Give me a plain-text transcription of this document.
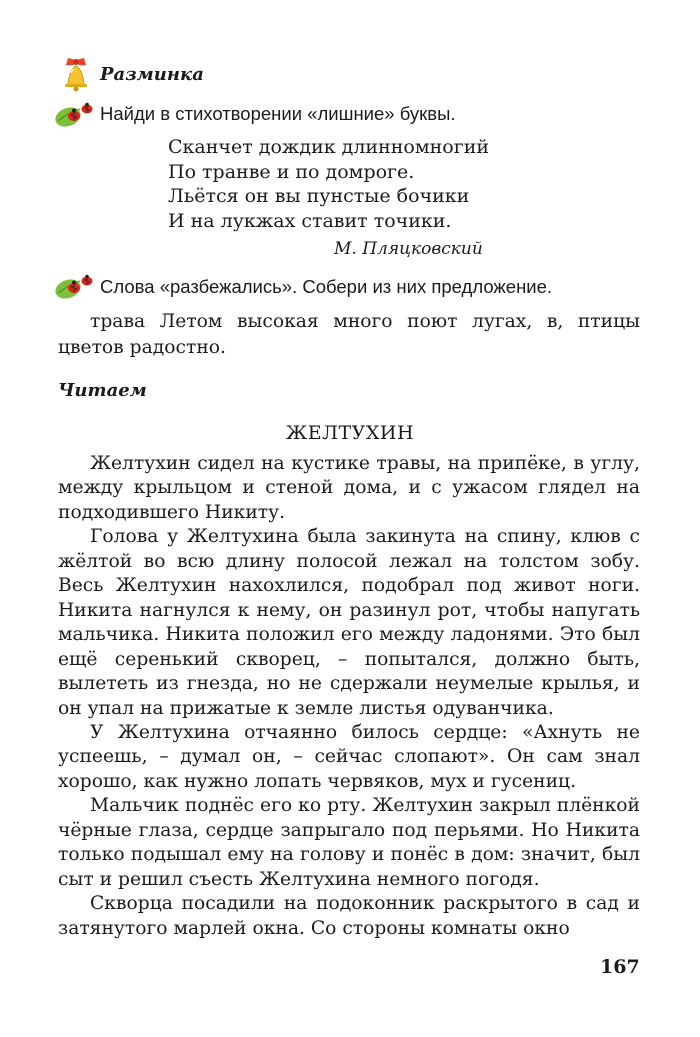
Разминка
Найди в стихотворении «лишние» буквы.
Сканчет дождик длинномногий
По транве и по домроге.
Льётся он вы пунстые бочики
И на лукжах ставит точики.
М. Пляцковский
Слова «разбежались». Собери из них предложение.
трава Летом высокая много поют лугах, в, птицы цветов радостно.
Читаем
ЖЕЛТУХИН

Желтухин сидел на кустике травы, на припёке, в углу, между крыльцом и стеной дома, и с ужасом глядел на подходившего Никиту.

Голова у Желтухина была закинута на спину, клюв с жёлтой во всю длину полосой лежал на толстом зобу. Весь Желтухин нахохлился, подобрал под живот ноги. Никита нагнулся к нему, он разинул рот, чтобы напугать мальчика. Никита положил его между ладонями. Это был ещё серенький скворец, – попытался, должно быть, вылететь из гнезда, но не сдержали неумелые крылья, и он упал на прижатые к земле листья одуванчика.

У Желтухина отчаянно билось сердце: «Ахнуть не успеешь, – думал он, – сейчас слопают». Он сам знал хорошо, как нужно лопать червяков, мух и гусениц.

Мальчик поднёс его ко рту. Желтухин закрыл плёнкой чёрные глаза, сердце запрыгало под перьями. Но Никита только подышал ему на голову и понёс в дом: значит, был сыт и решил съесть Желтухина немного погодя.

Скворца посадили на подоконник раскрытого в сад и затянутого марлей окна. Со стороны комнаты окно

167
